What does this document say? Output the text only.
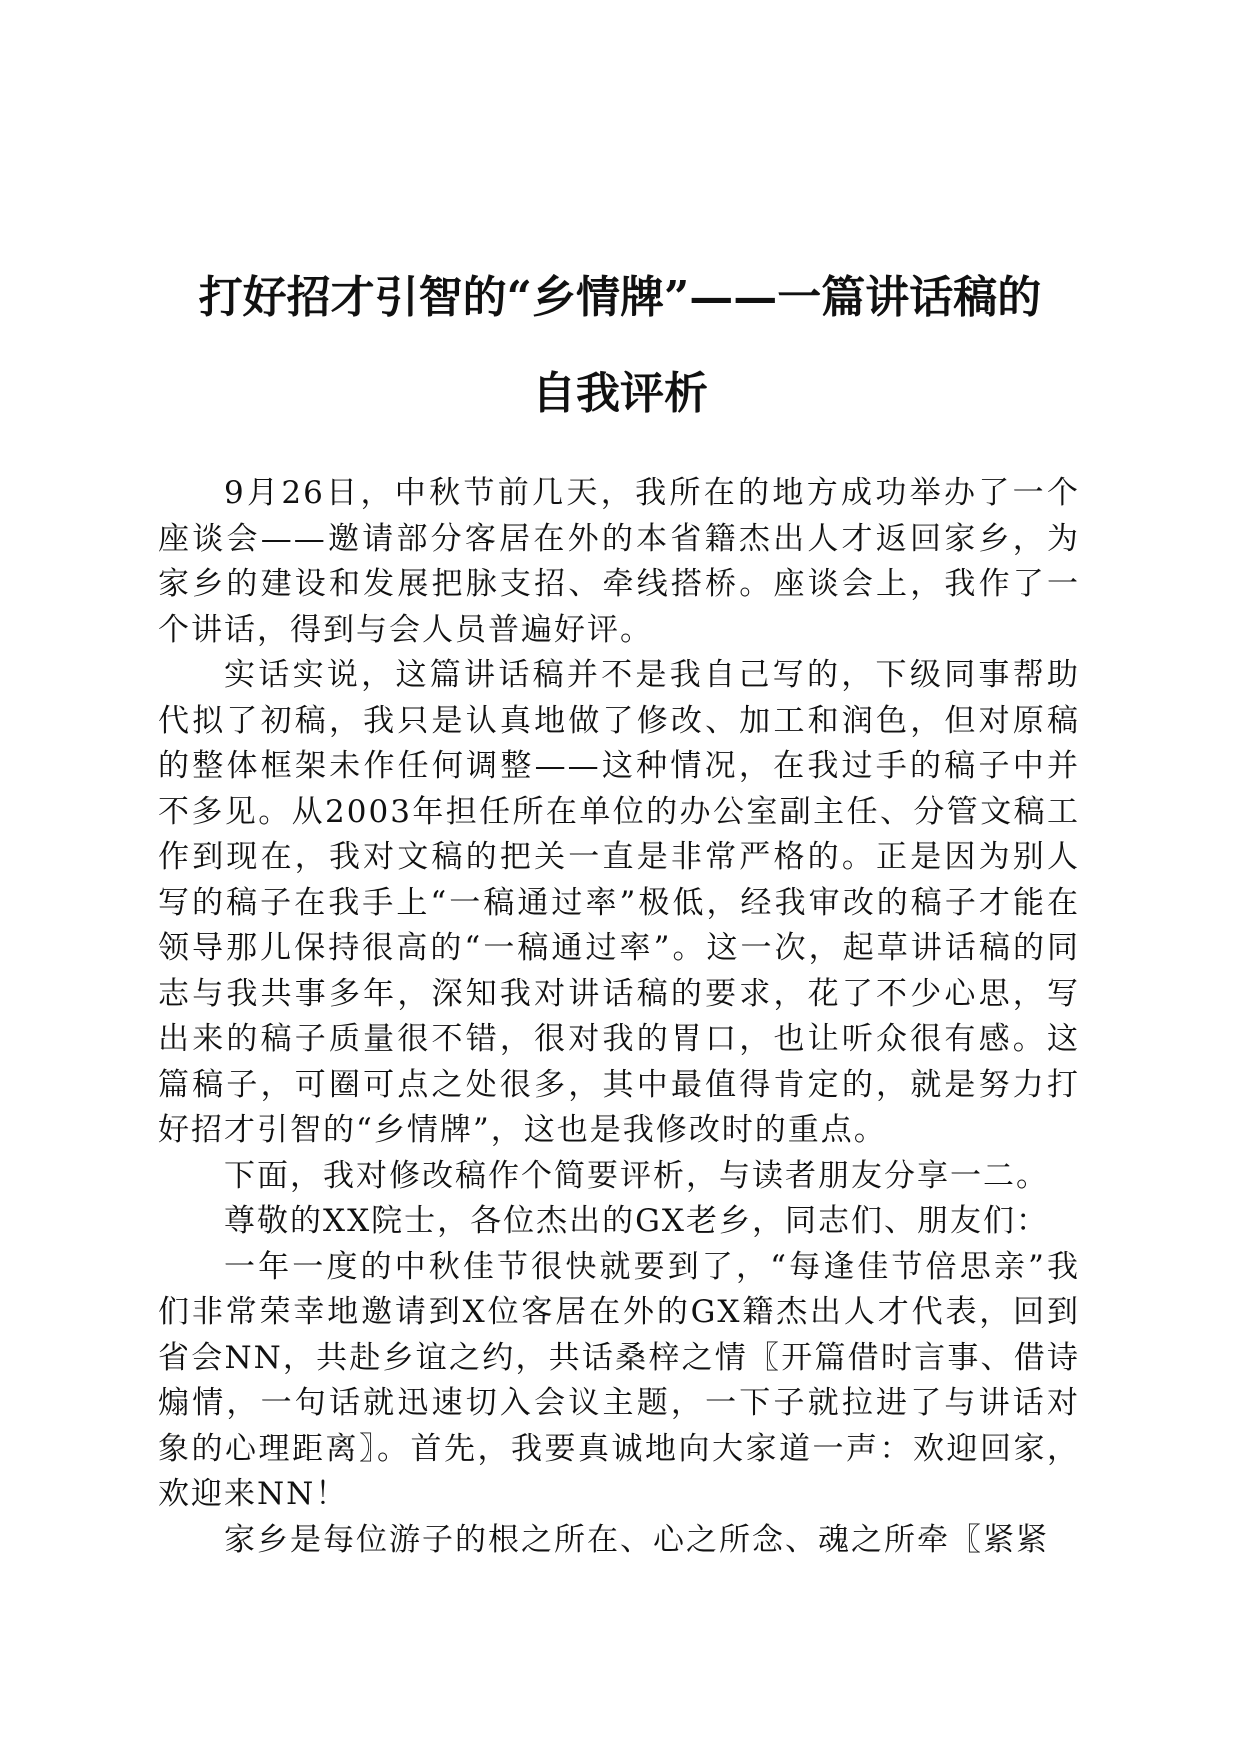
打好招才引智的“乡情牌”——一篇讲话稿的
自我评析

9月26日，中秋节前几天，我所在的地方成功举办了一个座谈会——邀请部分客居在外的本省籍杰出人才返回家乡，为家乡的建设和发展把脉支招、牵线搭桥。座谈会上，我作了一个讲话，得到与会人员普遍好评。

实话实说，这篇讲话稿并不是我自己写的，下级同事帮助代拟了初稿，我只是认真地做了修改、加工和润色，但对原稿的整体框架未作任何调整——这种情况，在我过手的稿子中并不多见。从2003年担任所在单位的办公室副主任、分管文稿工作到现在，我对文稿的把关一直是非常严格的。正是因为别人写的稿子在我手上“一稿通过率”极低，经我审改的稿子才能在领导那儿保持很高的“一稿通过率”。这一次，起草讲话稿的同志与我共事多年，深知我对讲话稿的要求，花了不少心思，写出来的稿子质量很不错，很对我的胃口，也让听众很有感。这篇稿子，可圈可点之处很多，其中最值得肯定的，就是努力打好招才引智的“乡情牌”，这也是我修改时的重点。

下面，我对修改稿作个简要评析，与读者朋友分享一二。

尊敬的XX院士，各位杰出的GX老乡，同志们、朋友们：

一年一度的中秋佳节很快就要到了，“每逢佳节倍思亲”我们非常荣幸地邀请到X位客居在外的GX籍杰出人才代表，回到省会NN，共赴乡谊之约，共话桑梓之情〖开篇借时言事、借诗煽情，一句话就迅速切入会议主题，一下子就拉进了与讲话对象的心理距离〗。首先，我要真诚地向大家道一声：欢迎回家，欢迎来NN！

家乡是每位游子的根之所在、心之所念、魂之所牵〖紧紧
